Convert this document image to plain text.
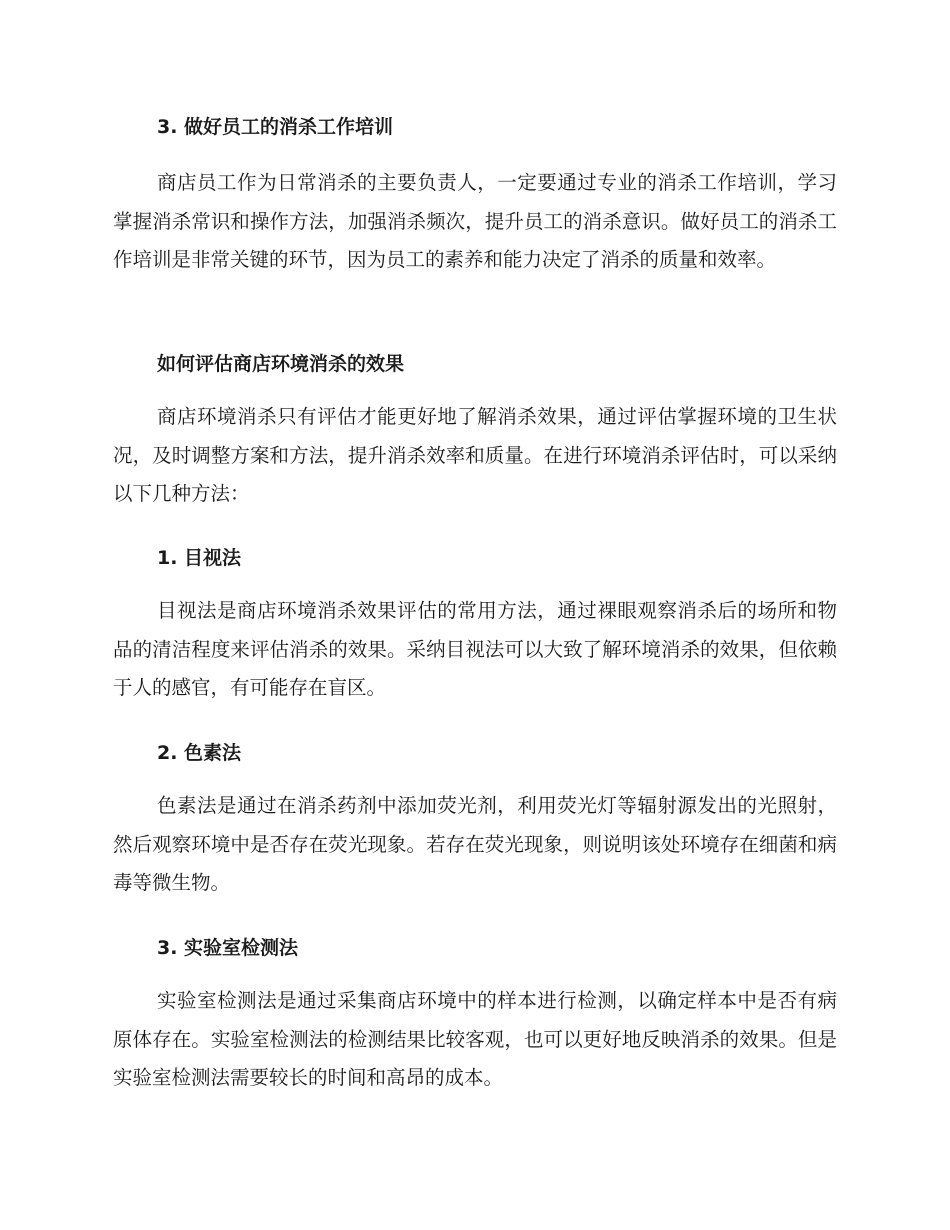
3. 做好员工的消杀工作培训
商店员工作为日常消杀的主要负责人，一定要通过专业的消杀工作培训，学习掌握消杀常识和操作方法，加强消杀频次，提升员工的消杀意识。做好员工的消杀工作培训是非常关键的环节，因为员工的素养和能力决定了消杀的质量和效率。
如何评估商店环境消杀的效果
商店环境消杀只有评估才能更好地了解消杀效果，通过评估掌握环境的卫生状况，及时调整方案和方法，提升消杀效率和质量。在进行环境消杀评估时，可以采纳以下几种方法：
1. 目视法
目视法是商店环境消杀效果评估的常用方法，通过裸眼观察消杀后的场所和物品的清洁程度来评估消杀的效果。采纳目视法可以大致了解环境消杀的效果，但依赖于人的感官，有可能存在盲区。
2. 色素法
色素法是通过在消杀药剂中添加荧光剂，利用荧光灯等辐射源发出的光照射，然后观察环境中是否存在荧光现象。若存在荧光现象，则说明该处环境存在细菌和病毒等微生物。
3. 实验室检测法
实验室检测法是通过采集商店环境中的样本进行检测，以确定样本中是否有病原体存在。实验室检测法的检测结果比较客观，也可以更好地反映消杀的效果。但是实验室检测法需要较长的时间和高昂的成本。
